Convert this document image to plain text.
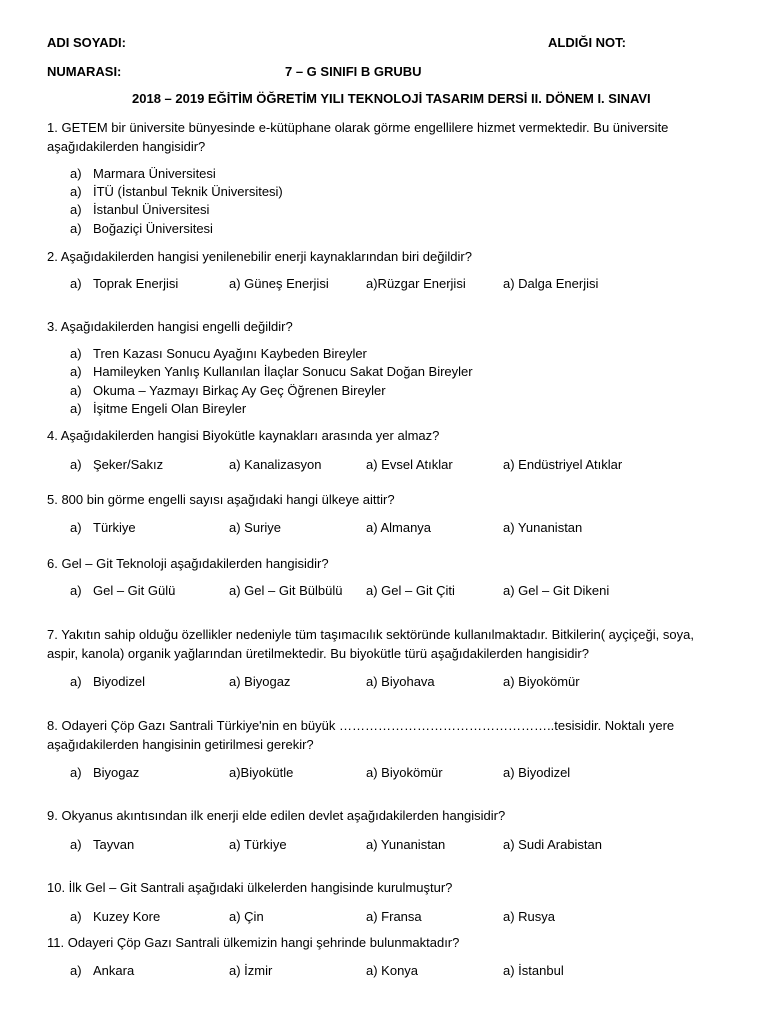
ADI SOYADI:	ALDIĞI NOT:
NUMARASI:	7 – G SINIFI B GRUBU
2018 – 2019 EĞİTİM ÖĞRETİM YILI TEKNOLOJİ TASARIM DERSİ II. DÖNEM I. SINAVI
1. GETEM bir üniversite bünyesinde e-kütüphane olarak görme engellilere hizmet vermektedir. Bu üniversite aşağıdakilerden hangisidir?
a) Marmara Üniversitesi
a) İTÜ (İstanbul Teknik Üniversitesi)
a) İstanbul Üniversitesi
a) Boğaziçi Üniversitesi
2. Aşağıdakilerden hangisi yenilenebilir enerji kaynaklarından biri değildir?
a) Toprak Enerjisi	a) Güneş Enerjisi	a)Rüzgar Enerjisi	a) Dalga Enerjisi
3. Aşağıdakilerden hangisi engelli değildir?
a) Tren Kazası Sonucu Ayağını Kaybeden Bireyler
a) Hamileyken Yanlış Kullanılan İlaçlar Sonucu Sakat Doğan Bireyler
a) Okuma – Yazmayı Birkaç Ay Geç Öğrenen Bireyler
a) İşitme Engeli Olan Bireyler
4. Aşağıdakilerden hangisi Biyokütle kaynakları arasında yer almaz?
a) Şeker/Sakız	a) Kanalizasyon	a) Evsel Atıklar	a) Endüstriyel Atıklar
5. 800 bin görme engelli sayısı aşağıdaki hangi ülkeye aittir?
a) Türkiye	a) Suriye	a) Almanya	a) Yunanistan
6. Gel – Git Teknoloji aşağıdakilerden hangisidir?
a) Gel – Git Gülü	a) Gel – Git Bülbülü a) Gel – Git Çiti	a) Gel – Git Dikeni
7. Yakıtın sahip olduğu özellikler nedeniyle tüm taşımacılık sektöründe kullanılmaktadır. Bitkilerin( ayçiçeği, soya, aspir, kanola) organik yağlarından üretilmektedir. Bu biyokütle türü aşağıdakilerden hangisidir?
a) Biyodizel	a) Biyogaz	a) Biyohava	a) Biyokömür
8. Odayeri Çöp Gazı Santrali Türkiye'nin en büyük …………………………………………..tesisidir. Noktalı yere aşağıdakilerden hangisinin getirilmesi gerekir?
a) Biyogaz	a)Biyokütle	a) Biyokömür	a) Biyodizel
9. Okyanus akıntısından ilk enerji elde edilen devlet aşağıdakilerden hangisidir?
a) Tayvan	a) Türkiye	a) Yunanistan	a) Sudi Arabistan
10. İlk Gel – Git Santrali aşağıdaki ülkelerden hangisinde kurulmuştur?
a) Kuzey Kore	a) Çin	a) Fransa	a) Rusya
11. Odayeri Çöp Gazı Santrali ülkemizin hangi şehrinde bulunmaktadır?
a) Ankara	a) İzmir	a) Konya	a) İstanbul
